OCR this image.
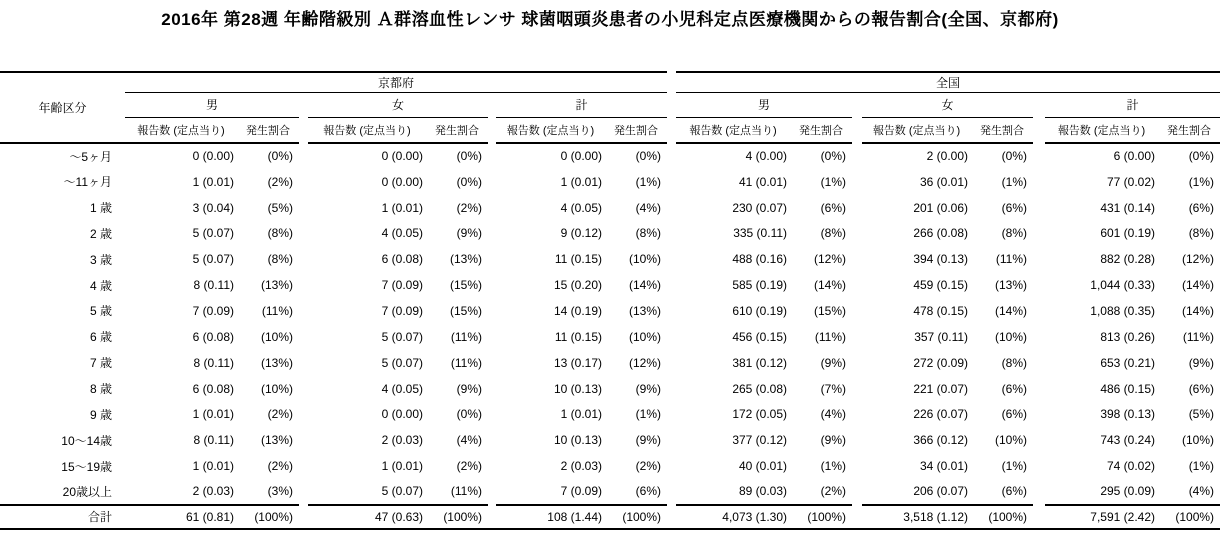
2016年 第28週 年齢階級別 Ａ群溶血性レンサ 球菌咽頭炎患者の小児科定点医療機関からの報告割合(全国、京都府)
年齢区分	京都府									全国							
	男			女			計			男			女			計	
	報告数 (定点当り)	発生割合		報告数 (定点当り)	発生割合		報告数 (定点当り)	発生割合		報告数 (定点当り)	発生割合		報告数 (定点当り)	発生割合		報告数 (定点当り)	発生割合
～5ヶ月	0 (0.00)	(0%)		0 (0.00)	(0%)		0 (0.00)	(0%)		4 (0.00)	(0%)		2 (0.00)	(0%)		6 (0.00)	(0%)
～11ヶ月	1 (0.01)	(2%)		0 (0.00)	(0%)		1 (0.01)	(1%)		41 (0.01)	(1%)		36 (0.01)	(1%)		77 (0.02)	(1%)
1 歳	3 (0.04)	(5%)		1 (0.01)	(2%)		4 (0.05)	(4%)		230 (0.07)	(6%)		201 (0.06)	(6%)		431 (0.14)	(6%)
2 歳	5 (0.07)	(8%)		4 (0.05)	(9%)		9 (0.12)	(8%)		335 (0.11)	(8%)		266 (0.08)	(8%)		601 (0.19)	(8%)
3 歳	5 (0.07)	(8%)		6 (0.08)	(13%)		11 (0.15)	(10%)		488 (0.16)	(12%)		394 (0.13)	(11%)		882 (0.28)	(12%)
4 歳	8 (0.11)	(13%)		7 (0.09)	(15%)		15 (0.20)	(14%)		585 (0.19)	(14%)		459 (0.15)	(13%)		1,044 (0.33)	(14%)
5 歳	7 (0.09)	(11%)		7 (0.09)	(15%)		14 (0.19)	(13%)		610 (0.19)	(15%)		478 (0.15)	(14%)		1,088 (0.35)	(14%)
6 歳	6 (0.08)	(10%)		5 (0.07)	(11%)		11 (0.15)	(10%)		456 (0.15)	(11%)		357 (0.11)	(10%)		813 (0.26)	(11%)
7 歳	8 (0.11)	(13%)		5 (0.07)	(11%)		13 (0.17)	(12%)		381 (0.12)	(9%)		272 (0.09)	(8%)		653 (0.21)	(9%)
8 歳	6 (0.08)	(10%)		4 (0.05)	(9%)		10 (0.13)	(9%)		265 (0.08)	(7%)		221 (0.07)	(6%)		486 (0.15)	(6%)
9 歳	1 (0.01)	(2%)		0 (0.00)	(0%)		1 (0.01)	(1%)		172 (0.05)	(4%)		226 (0.07)	(6%)		398 (0.13)	(5%)
10～14歳	8 (0.11)	(13%)		2 (0.03)	(4%)		10 (0.13)	(9%)		377 (0.12)	(9%)		366 (0.12)	(10%)		743 (0.24)	(10%)
15～19歳	1 (0.01)	(2%)		1 (0.01)	(2%)		2 (0.03)	(2%)		40 (0.01)	(1%)		34 (0.01)	(1%)		74 (0.02)	(1%)
20歳以上	2 (0.03)	(3%)		5 (0.07)	(11%)		7 (0.09)	(6%)		89 (0.03)	(2%)		206 (0.07)	(6%)		295 (0.09)	(4%)
合計	61 (0.81)	(100%)		47 (0.63)	(100%)		108 (1.44)	(100%)		4,073 (1.30)	(100%)		3,518 (1.12)	(100%)		7,591 (2.42)	(100%)
